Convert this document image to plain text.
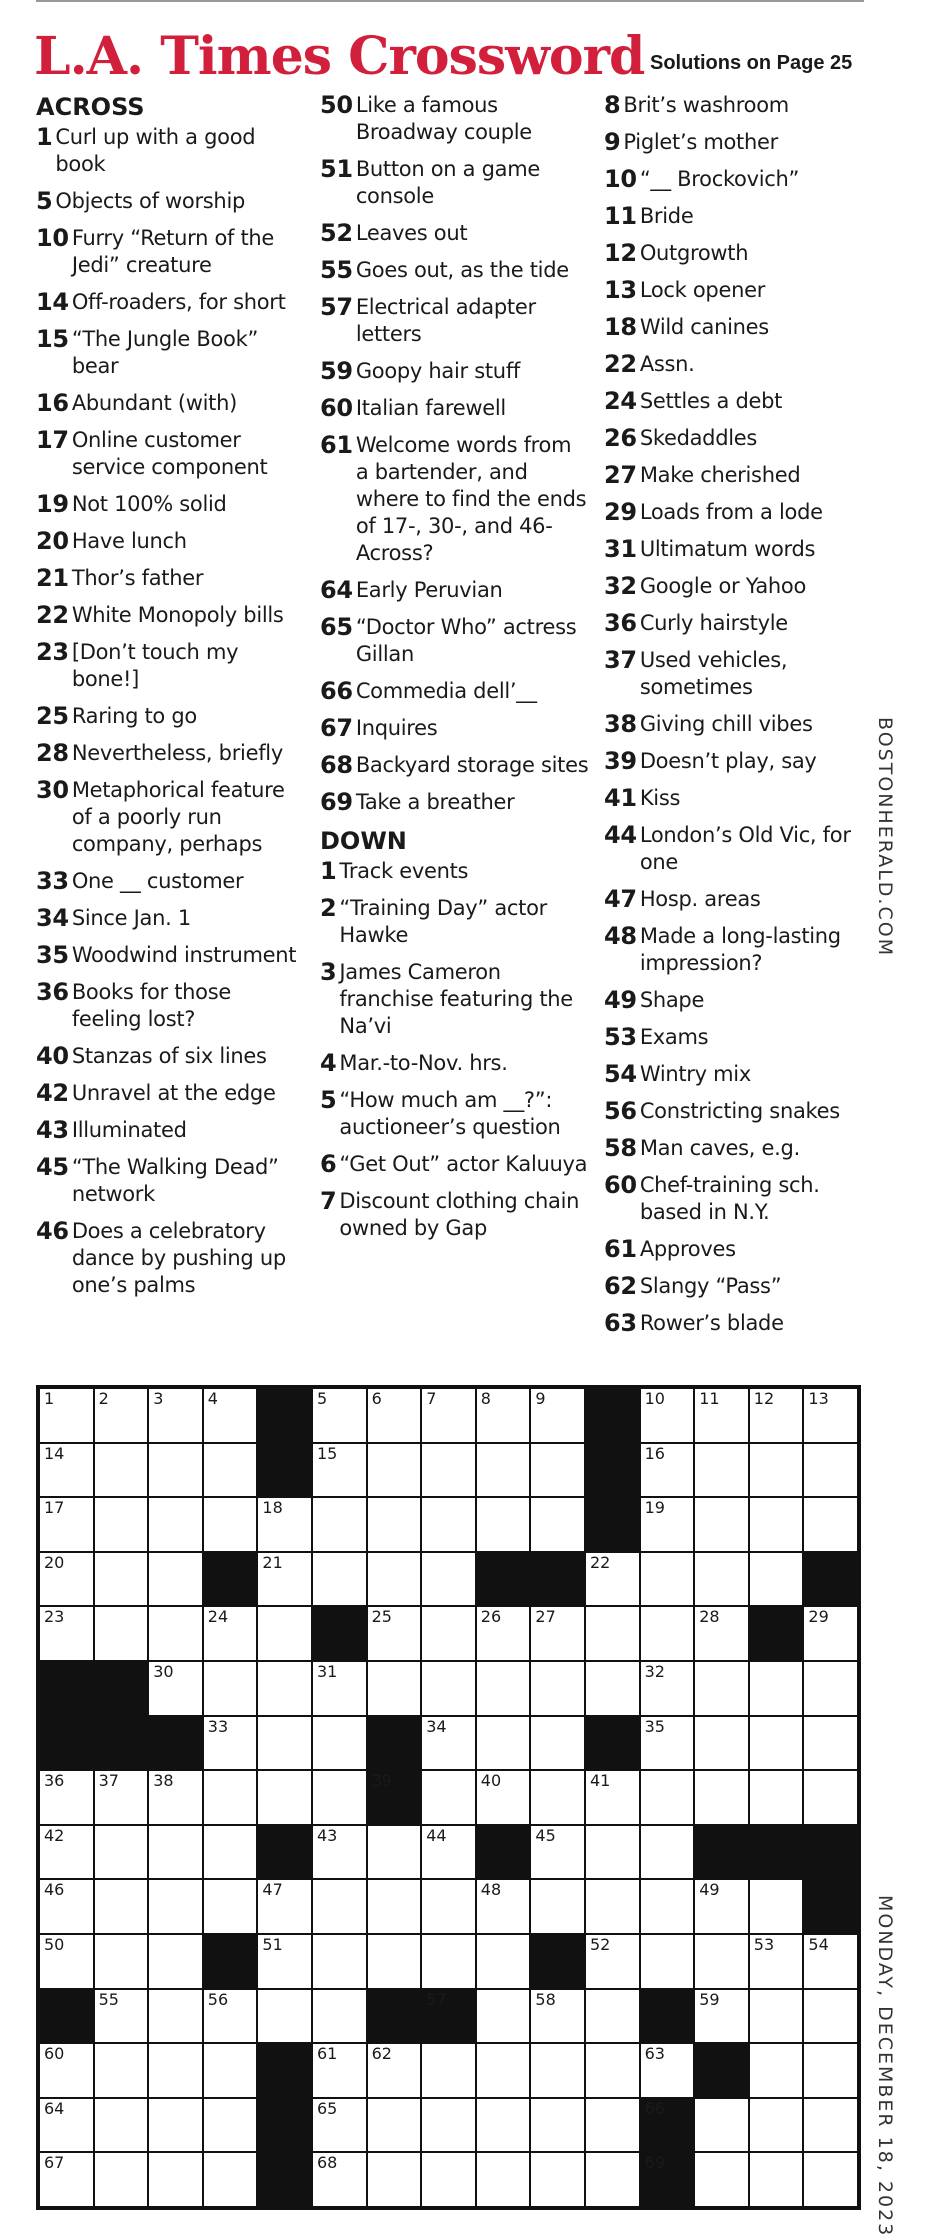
L.A. Times Crossword Solutions on Page 25
ACROSS
1 Curl up with a good book
5 Objects of worship
10 Furry “Return of the Jedi” creature
14 Off-roaders, for short
15 “The Jungle Book” bear
16 Abundant (with)
17 Online customer service component
19 Not 100% solid
20 Have lunch
21 Thor’s father
22 White Monopoly bills
23 [Don’t touch my bone!]
25 Raring to go
28 Nevertheless, briefly
30 Metaphorical feature of a poorly run company, perhaps
33 One __ customer
34 Since Jan. 1
35 Woodwind instrument
36 Books for those feeling lost?
40 Stanzas of six lines
42 Unravel at the edge
43 Illuminated
45 “The Walking Dead” network
46 Does a celebratory dance by pushing up one’s palms
50 Like a famous Broadway couple
51 Button on a game console
52 Leaves out
55 Goes out, as the tide
57 Electrical adapter letters
59 Goopy hair stuff
60 Italian farewell
61 Welcome words from a bartender, and where to find the ends of 17-, 30-, and 46-Across?
64 Early Peruvian
65 “Doctor Who” actress Gillan
66 Commedia dell’__
67 Inquires
68 Backyard storage sites
69 Take a breather
DOWN
1 Track events
2 “Training Day” actor Hawke
3 James Cameron franchise featuring the Na’vi
4 Mar.-to-Nov. hrs.
5 “How much am __?”: auctioneer’s question
6 “Get Out” actor Kaluuya
7 Discount clothing chain owned by Gap
8 Brit’s washroom
9 Piglet’s mother
10 “__ Brockovich”
11 Bride
12 Outgrowth
13 Lock opener
18 Wild canines
22 Assn.
24 Settles a debt
26 Skedaddles
27 Make cherished
29 Loads from a lode
31 Ultimatum words
32 Google or Yahoo
36 Curly hairstyle
37 Used vehicles, sometimes
38 Giving chill vibes
39 Doesn’t play, say
41 Kiss
44 London’s Old Vic, for one
47 Hosp. areas
48 Made a long-lasting impression?
49 Shape
53 Exams
54 Wintry mix
56 Constricting snakes
58 Man caves, e.g.
60 Chef-training sch. based in N.Y.
61 Approves
62 Slangy “Pass”
63 Rower’s blade
BOSTONHERALD.COM
MONDAY, DECEMBER 18, 2023
1	2	3	4	5	6	7	8	9	10 11 12 13
14	15	16
17	18	19
20	21	22
23	24	25	26 27	28	29
30	31	32
33	34	35
36 37 38	39	40	41
42	43	44	45
46	47	48	49
50	51	52	53 54
55	56	57	58	59
60	61 62	63
64	65	66
67	68	69
